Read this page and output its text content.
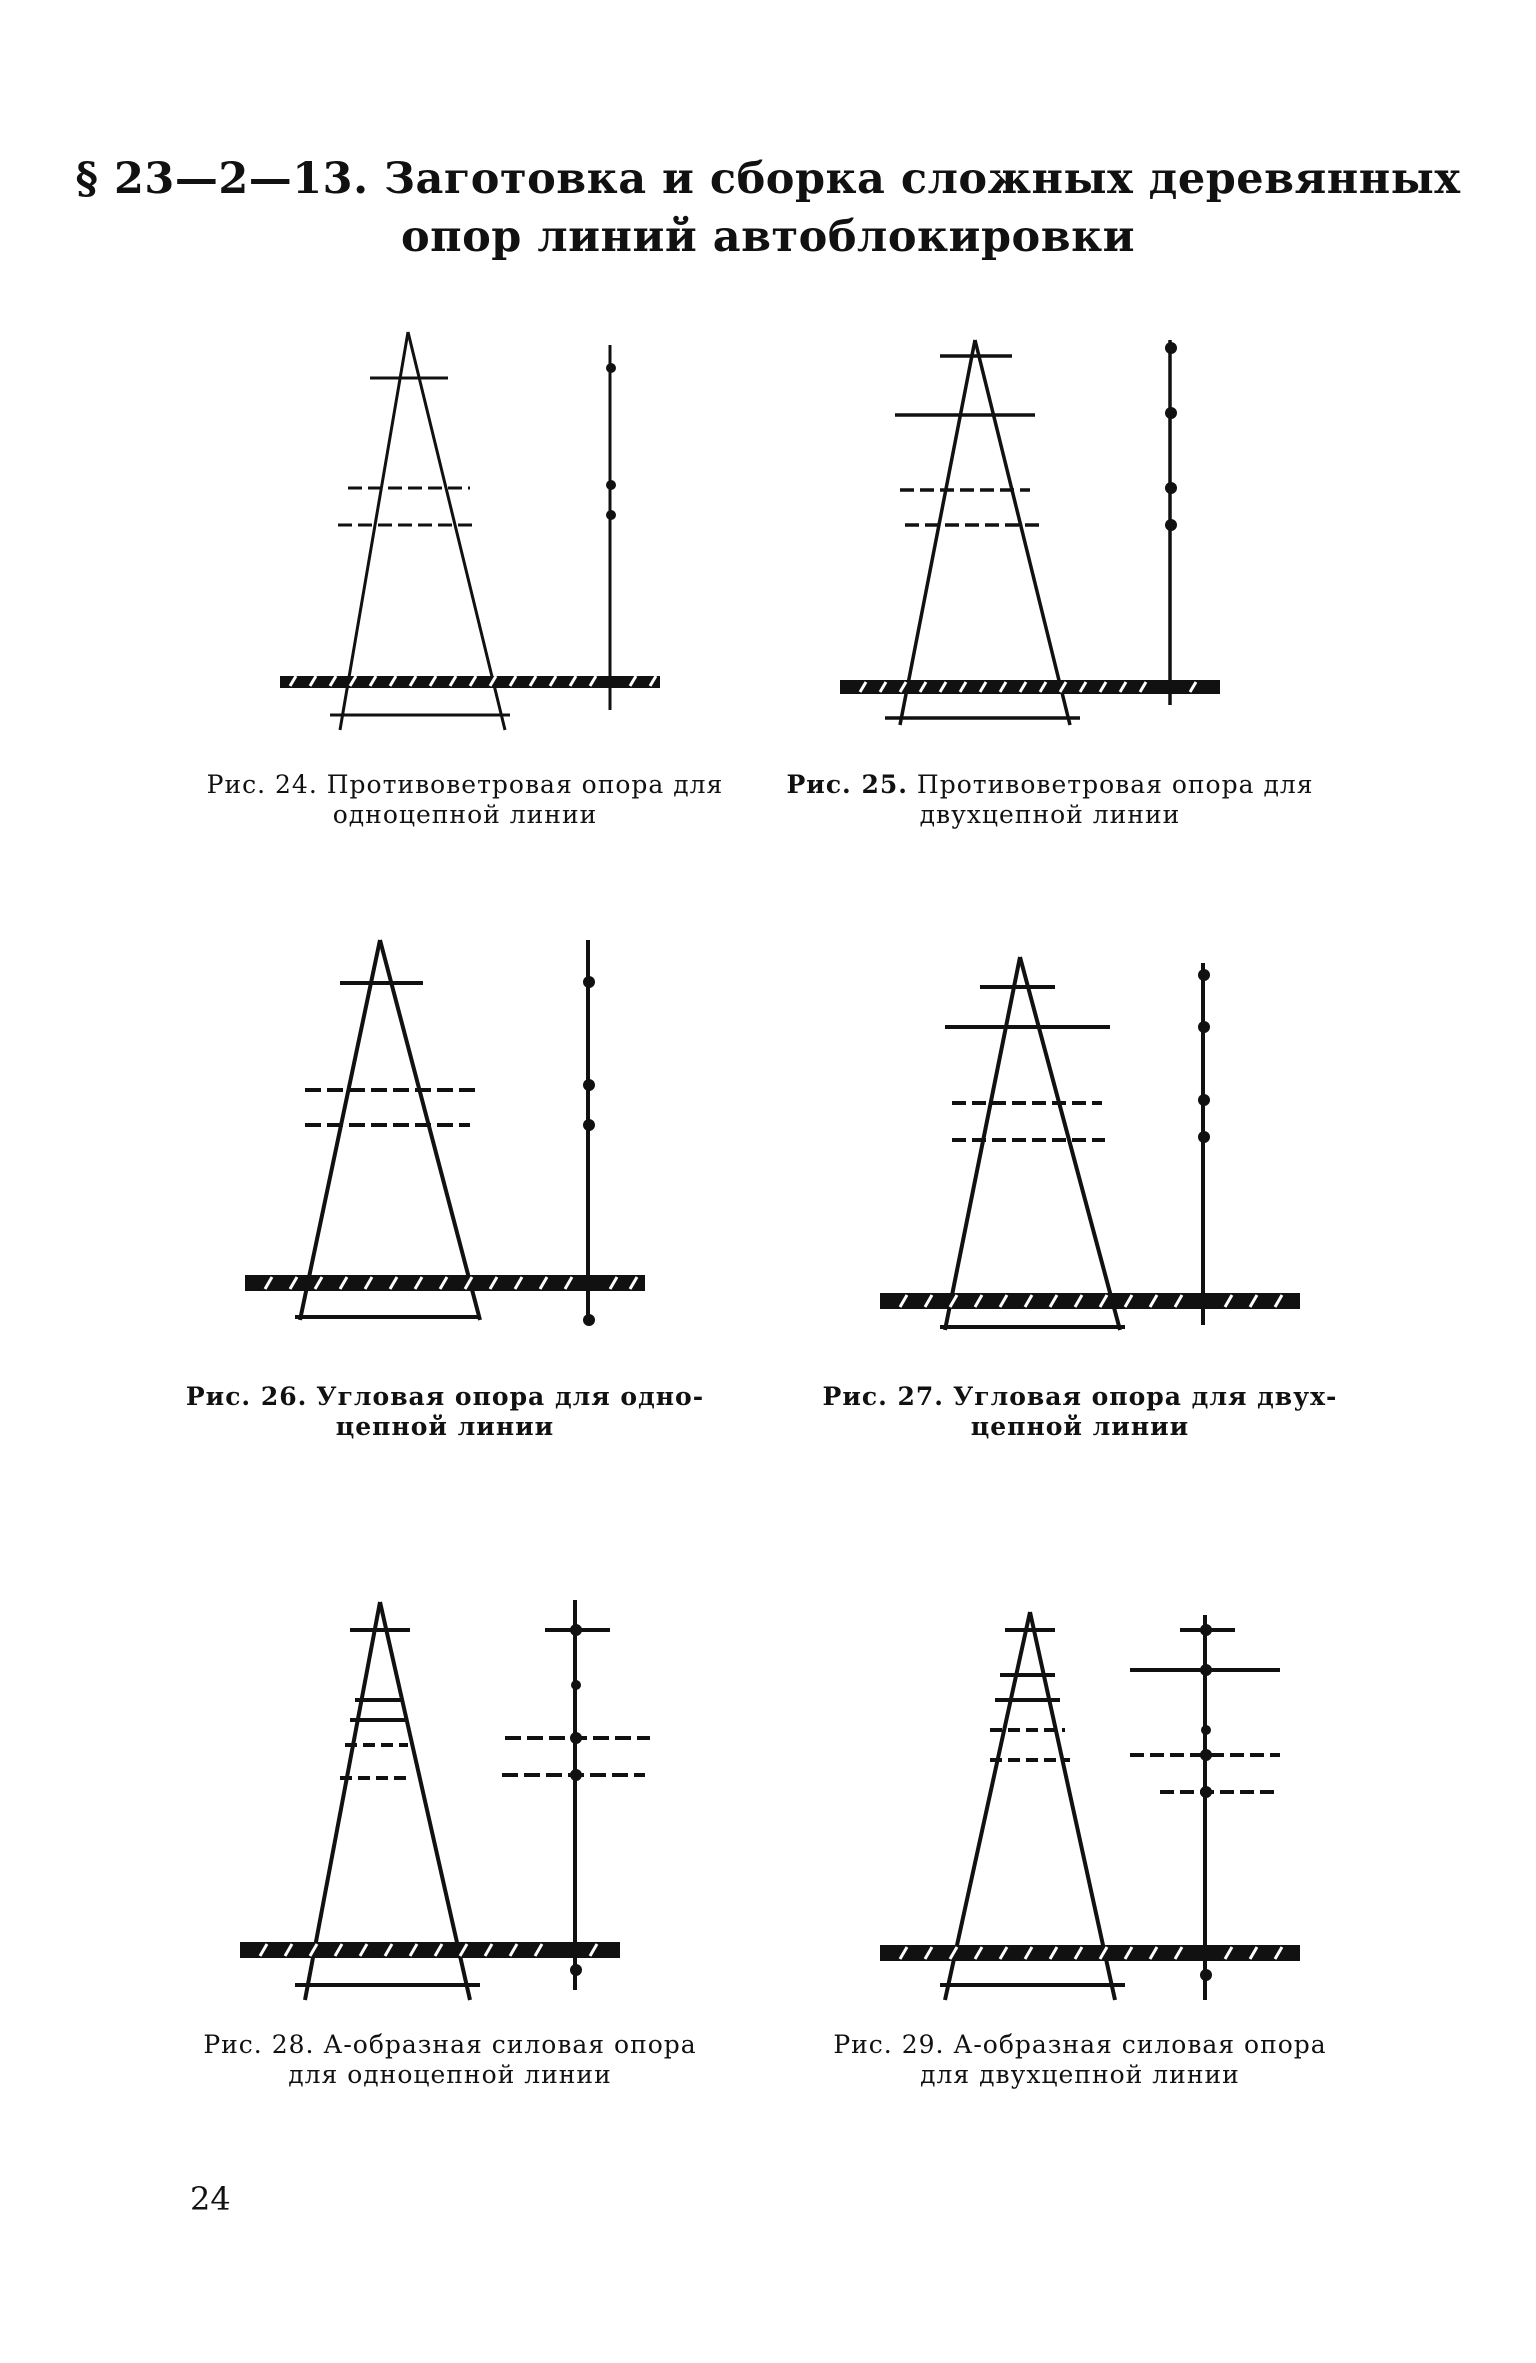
§ 23—2—13. Заготовка и сборка сложных деревянных
опор линий автоблокировки
Рис. 24. Противоветровая опора для
одноцепной линии
Рис. 25. Противоветровая опора для
двухцепной линии
Рис. 26. Угловая опора для одно-
цепной линии
Рис. 27. Угловая опора для двух-
цепной линии
Рис. 28. А-образная силовая опора
для одноцепной линии
Рис. 29. А-образная силовая опора
для двухцепной линии
24
